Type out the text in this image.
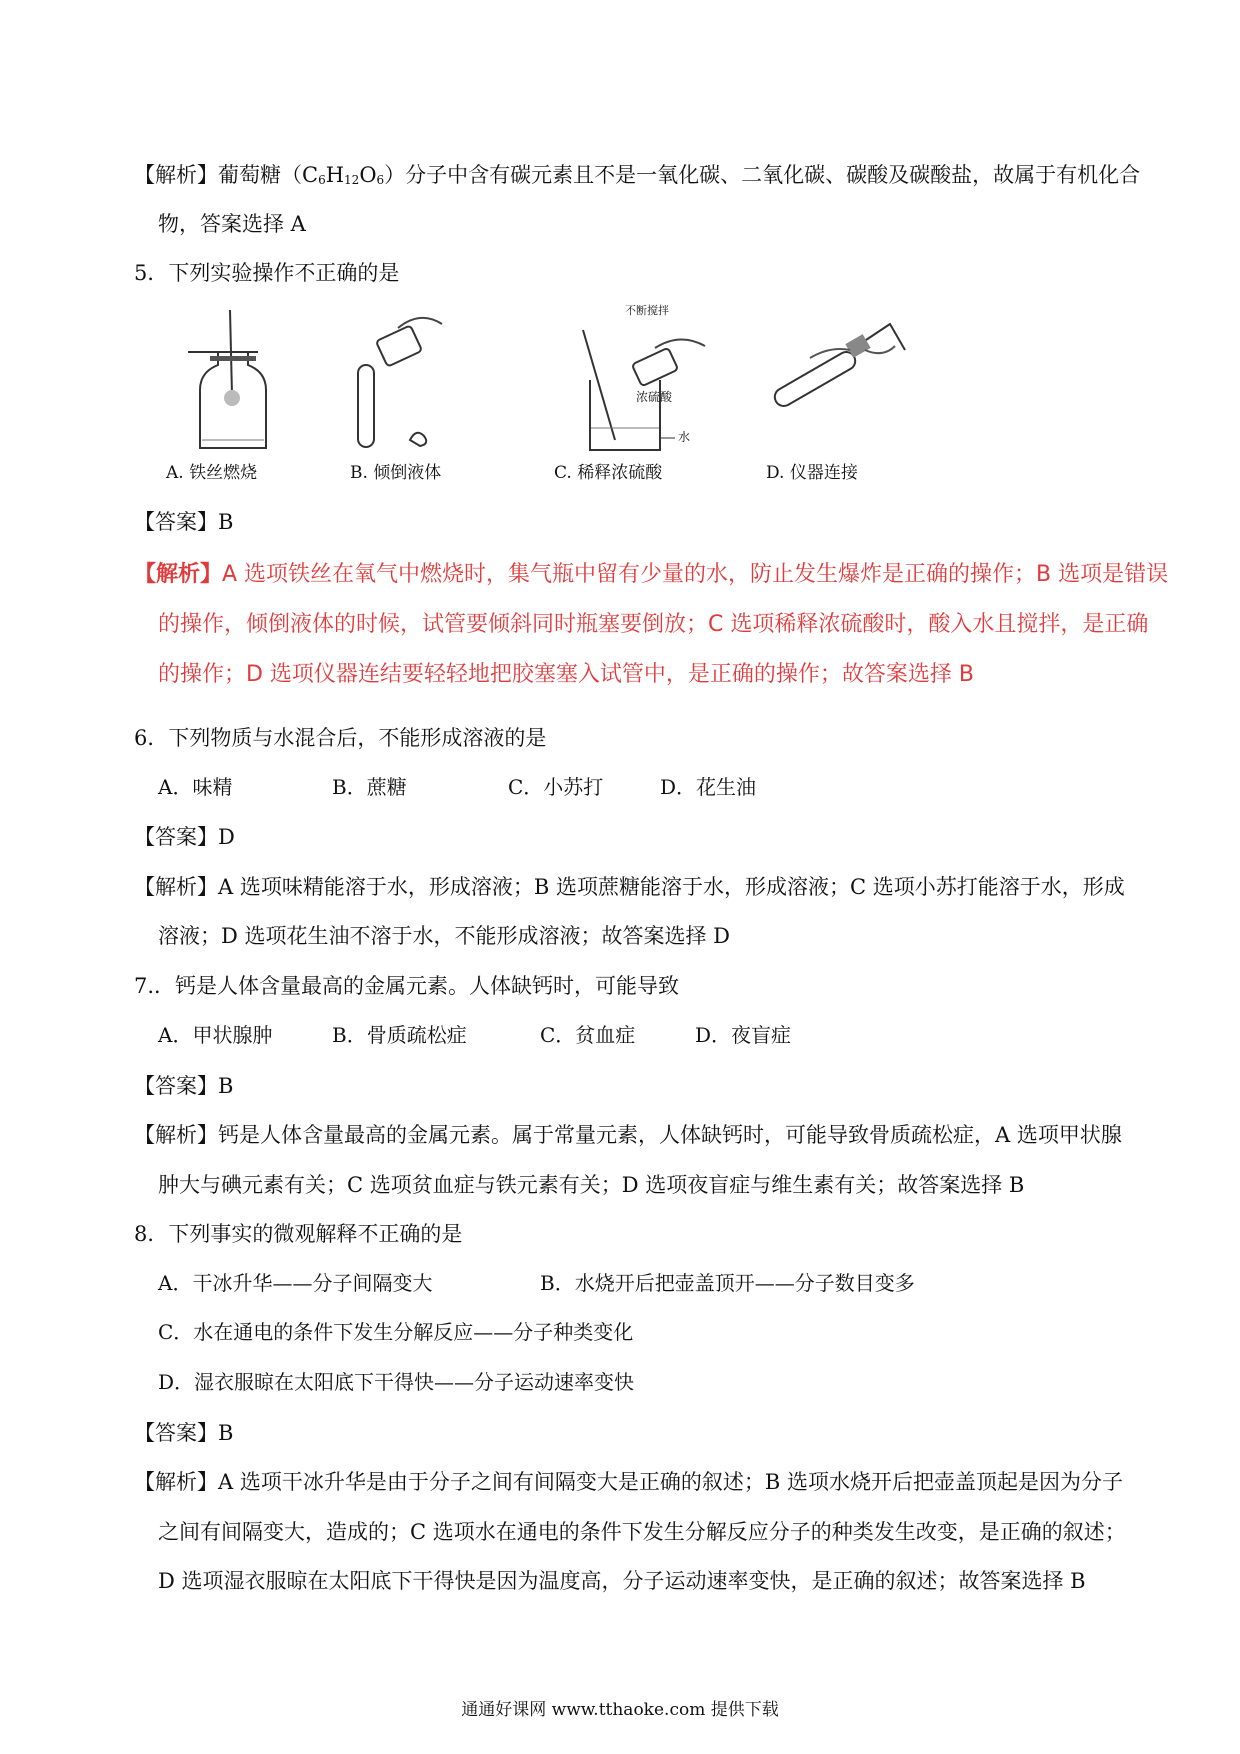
【解析】葡萄糖$(C_6H_{12}O_6)$分子中含有碳元素且不是一氧化碳、二氧化碳、碳酸及碳酸盐，故属于有机化合
物，答案选择 A
5．下列实验操作不正确的是
不断搅拌
浓硫酸
水
A. 铁丝燃烧	B. 倾倒液体	C. 稀释浓硫酸	D. 仪器连接
【答案】B
【解析】A 选项铁丝在氧气中燃烧时，集气瓶中留有少量的水，防止发生爆炸是正确的操作；B 选项是错误
的操作，倾倒液体的时候，试管要倾斜同时瓶塞要倒放；C 选项稀释浓硫酸时，酸入水且搅拌，是正确
的操作；D 选项仪器连结要轻轻地把胶塞塞入试管中，是正确的操作；故答案选择 B
6．下列物质与水混合后，不能形成溶液的是
A．味精	B．蔗糖	C．小苏打	D．花生油
【答案】D
【解析】A 选项味精能溶于水，形成溶液；B 选项蔗糖能溶于水，形成溶液；C 选项小苏打能溶于水，形成
溶液；D 选项花生油不溶于水，不能形成溶液；故答案选择 D
7.．钙是人体含量最高的金属元素。人体缺钙时，可能导致
A．甲状腺肿	B．骨质疏松症	C．贫血症	D．夜盲症
【答案】B
【解析】钙是人体含量最高的金属元素。属于常量元素，人体缺钙时，可能导致骨质疏松症，A 选项甲状腺
肿大与碘元素有关；C 选项贫血症与铁元素有关；D 选项夜盲症与维生素有关；故答案选择 B
8．下列事实的微观解释不正确的是
A．干冰升华——分子间隔变大	B．水烧开后把壶盖顶开——分子数目变多
C．水在通电的条件下发生分解反应——分子种类变化
D．湿衣服晾在太阳底下干得快——分子运动速率变快
【答案】B
【解析】A 选项干冰升华是由于分子之间有间隔变大是正确的叙述；B 选项水烧开后把壶盖顶起是因为分子
之间有间隔变大，造成的；C 选项水在通电的条件下发生分解反应分子的种类发生改变，是正确的叙述；
D 选项湿衣服晾在太阳底下干得快是因为温度高，分子运动速率变快，是正确的叙述；故答案选择 B
通通好课网 www.tthaoke.com 提供下载
